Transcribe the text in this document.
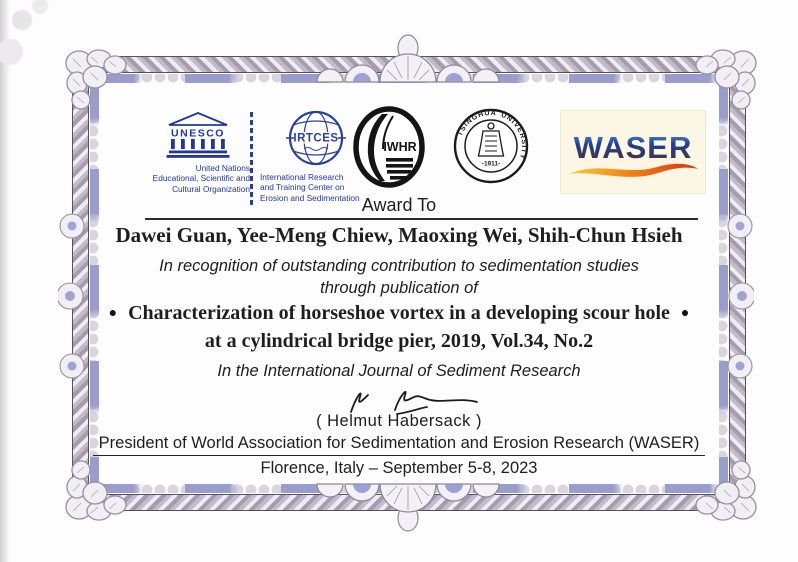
UNESCO
United Nations
Educational, Scientific and
Cultural Organization
IRTCES
International Research
and Training Center on
Erosion and Sedimentation
IWHR
TSINGHUA UNIVERSITY
-1911- WASER
Award To
Dawei Guan, Yee-Meng Chiew, Maoxing Wei, Shih-Chun Hsieh
In recognition of outstanding contribution to sedimentation studies
through publication of
● Characterization of horseshoe vortex in a developing scour hole ●
at a cylindrical bridge pier, 2019, Vol.34, No.2
In the International Journal of Sediment Research
( Helmut Habersack )
President of World Association for Sedimentation and Erosion Research (WASER)
Florence, Italy – September 5-8, 2023
